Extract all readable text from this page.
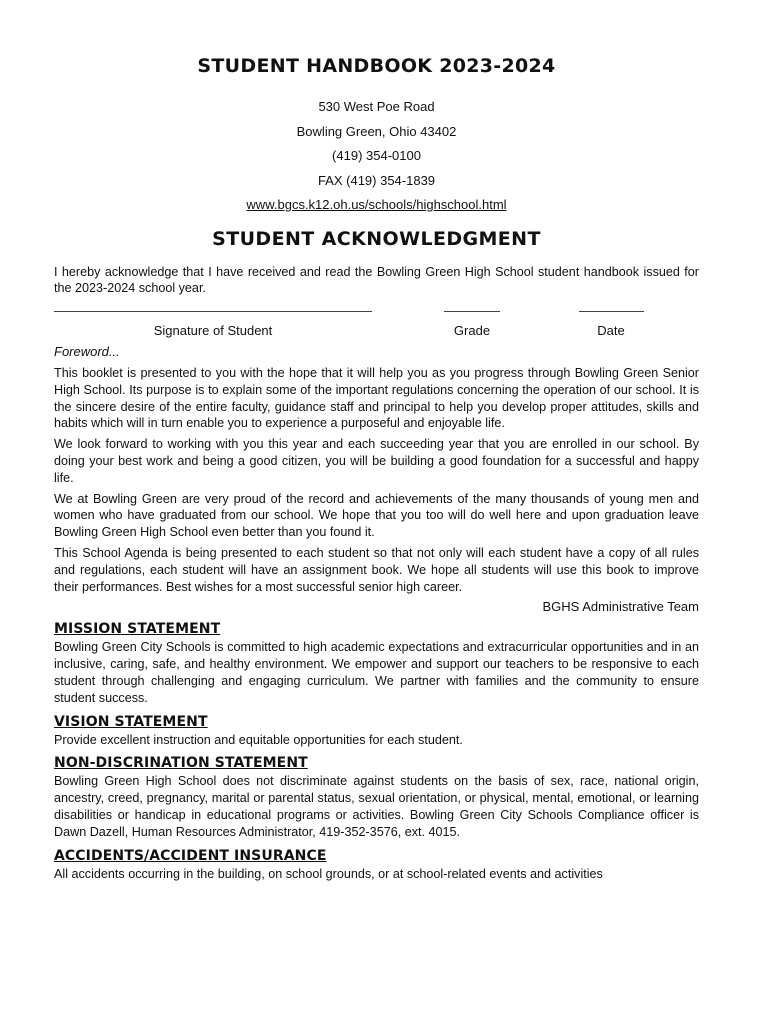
STUDENT HANDBOOK 2023-2024
530 West Poe Road
Bowling Green, Ohio 43402
(419) 354-0100
FAX (419) 354-1839
www.bgcs.k12.oh.us/schools/highschool.html
STUDENT ACKNOWLEDGMENT

I hereby acknowledge that I have received and read the Bowling Green High School student handbook issued for the 2023-2024 school year.

Signature of Student	Grade	Date
Foreword...

This booklet is presented to you with the hope that it will help you as you progress through Bowling Green Senior High School. Its purpose is to explain some of the important regulations concerning the operation of our school. It is the sincere desire of the entire faculty, guidance staff and principal to help you develop proper attitudes, skills and habits which will in turn enable you to experience a purposeful and enjoyable life.

We look forward to working with you this year and each succeeding year that you are enrolled in our school. By doing your best work and being a good citizen, you will be building a good foundation for a successful and happy life.

We at Bowling Green are very proud of the record and achievements of the many thousands of young men and women who have graduated from our school. We hope that you too will do well here and upon graduation leave Bowling Green High School even better than you found it.

This School Agenda is being presented to each student so that not only will each student have a copy of all rules and regulations, each student will have an assignment book. We hope all students will use this book to improve their performances. Best wishes for a most successful senior high career.

BGHS Administrative Team
MISSION STATEMENT

Bowling Green City Schools is committed to high academic expectations and extracurricular opportunities and in an inclusive, caring, safe, and healthy environment. We empower and support our teachers to be responsive to each student through challenging and engaging curriculum. We partner with families and the community to ensure student success.

VISION STATEMENT

Provide excellent instruction and equitable opportunities for each student.

NON-DISCRINATION STATEMENT

Bowling Green High School does not discriminate against students on the basis of sex, race, national origin, ancestry, creed, pregnancy, marital or parental status, sexual orientation, or physical, mental, emotional, or learning disabilities or handicap in educational programs or activities. Bowling Green City Schools Compliance officer is Dawn Dazell, Human Resources Administrator, 419-352-3576, ext. 4015.

ACCIDENTS/ACCIDENT INSURANCE

All accidents occurring in the building, on school grounds, or at school-related events and activities
